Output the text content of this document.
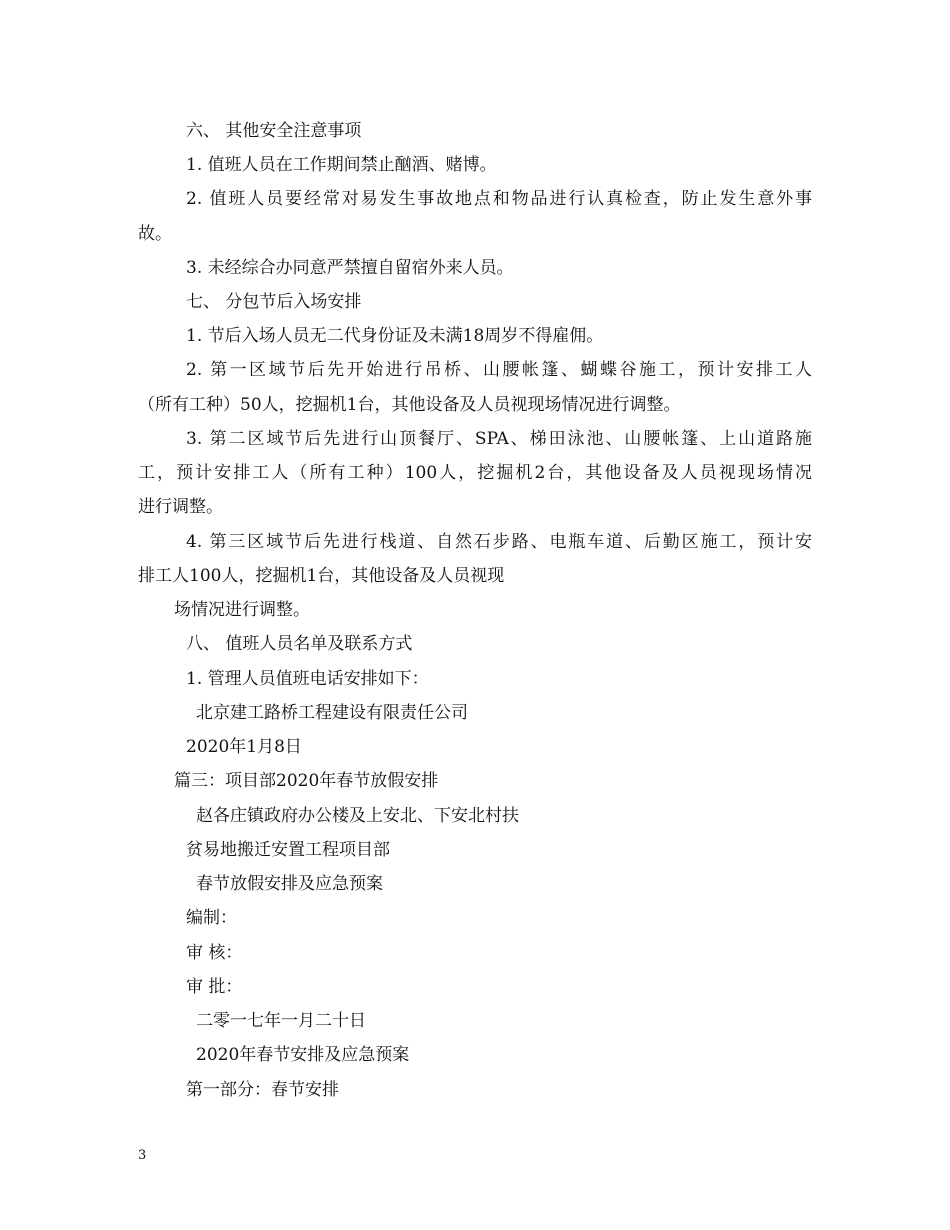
六、 其他安全注意事项
1. 值班人员在工作期间禁止酗酒、赌博。
2. 值班人员要经常对易发生事故地点和物品进行认真检查，防止发生意外事
故。
3. 未经综合办同意严禁擅自留宿外来人员。
七、 分包节后入场安排
1. 节后入场人员无二代身份证及未满18周岁不得雇佣。
2. 第一区域节后先开始进行吊桥、山腰帐篷、蝴蝶谷施工，预计安排工人
（所有工种）50人，挖掘机1台，其他设备及人员视现场情况进行调整。
3. 第二区域节后先进行山顶餐厅、SPA、梯田泳池、山腰帐篷、上山道路施
工，预计安排工人（所有工种）100人，挖掘机2台，其他设备及人员视现场情况
进行调整。
4. 第三区域节后先进行栈道、自然石步路、电瓶车道、后勤区施工，预计安
排工人100人，挖掘机1台，其他设备及人员视现
场情况进行调整。
八、 值班人员名单及联系方式
1. 管理人员值班电话安排如下：
北京建工路桥工程建设有限责任公司
2020年1月8日
篇三：项目部2020年春节放假安排
赵各庄镇政府办公楼及上安北、下安北村扶
贫易地搬迁安置工程项目部
春节放假安排及应急预案
编制：
审 核：
审 批：
二零一七年一月二十日
2020年春节安排及应急预案
第一部分：春节安排
3
